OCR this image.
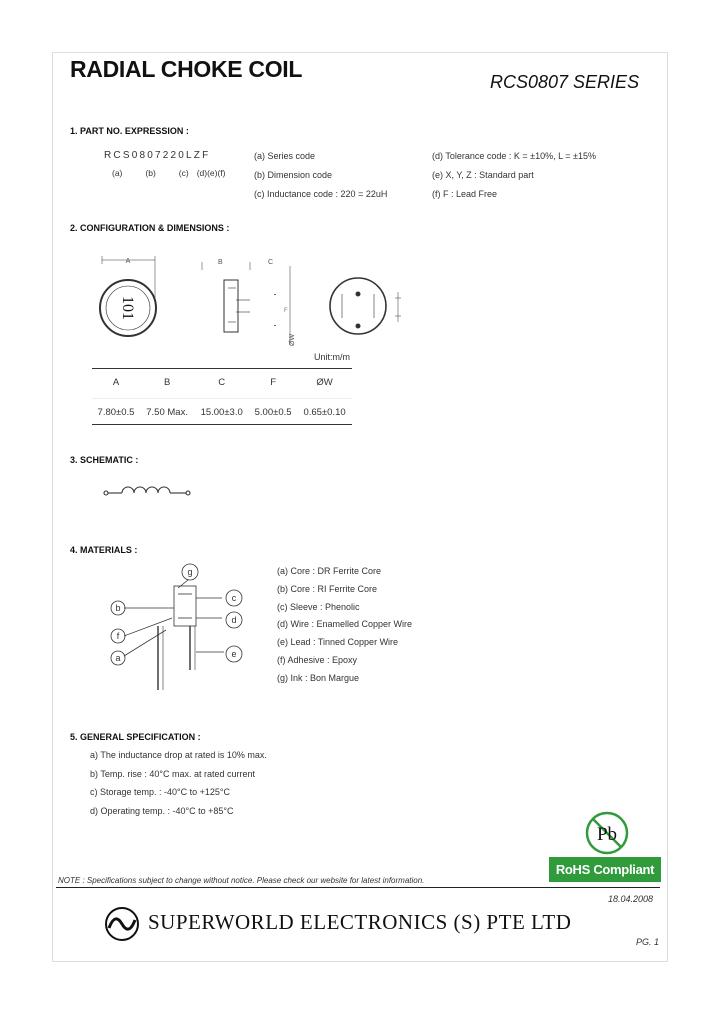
RADIAL CHOKE COIL	RCS0807 SERIES
1. PART NO. EXPRESSION :
RCS0807220LZF
(a)	(b)	(c) (d)(e)(f)
(a) Series code
(b) Dimension code
(c) Inductance code : 220 = 22uH
(d) Tolerance code : K = ±10%, L = ±15%
(e) X, Y, Z : Standard part
(f) F : Lead Free
2. CONFIGURATION & DIMENSIONS :
101
A	B	C
ØW
F
Unit:m/m
A	B	C	F	ØW
7.80±0.5	7.50 Max.	15.00±3.0	5.00±0.5	0.65±0.10
3. SCHEMATIC :
4. MATERIALS :
g
b
c
f
d
a	e
(a) Core : DR Ferrite Core
(b) Core : RI Ferrite Core
(c) Sleeve : Phenolic
(d) Wire : Enamelled Copper Wire
(e) Lead : Tinned Copper Wire
(f) Adhesive : Epoxy
(g) Ink : Bon Margue
5. GENERAL SPECIFICATION :
a) The inductance drop at rated is 10% max.
b) Temp. rise : 40°C max. at rated current
c) Storage temp. : -40°C to +125°C
d) Operating temp. : -40°C to +85°C
Pb
RoHS Compliant
NOTE : Specifications subject to change without notice. Please check our website for latest information.
18.04.2008
SUPERWORLD ELECTRONICS (S) PTE LTD
PG. 1
